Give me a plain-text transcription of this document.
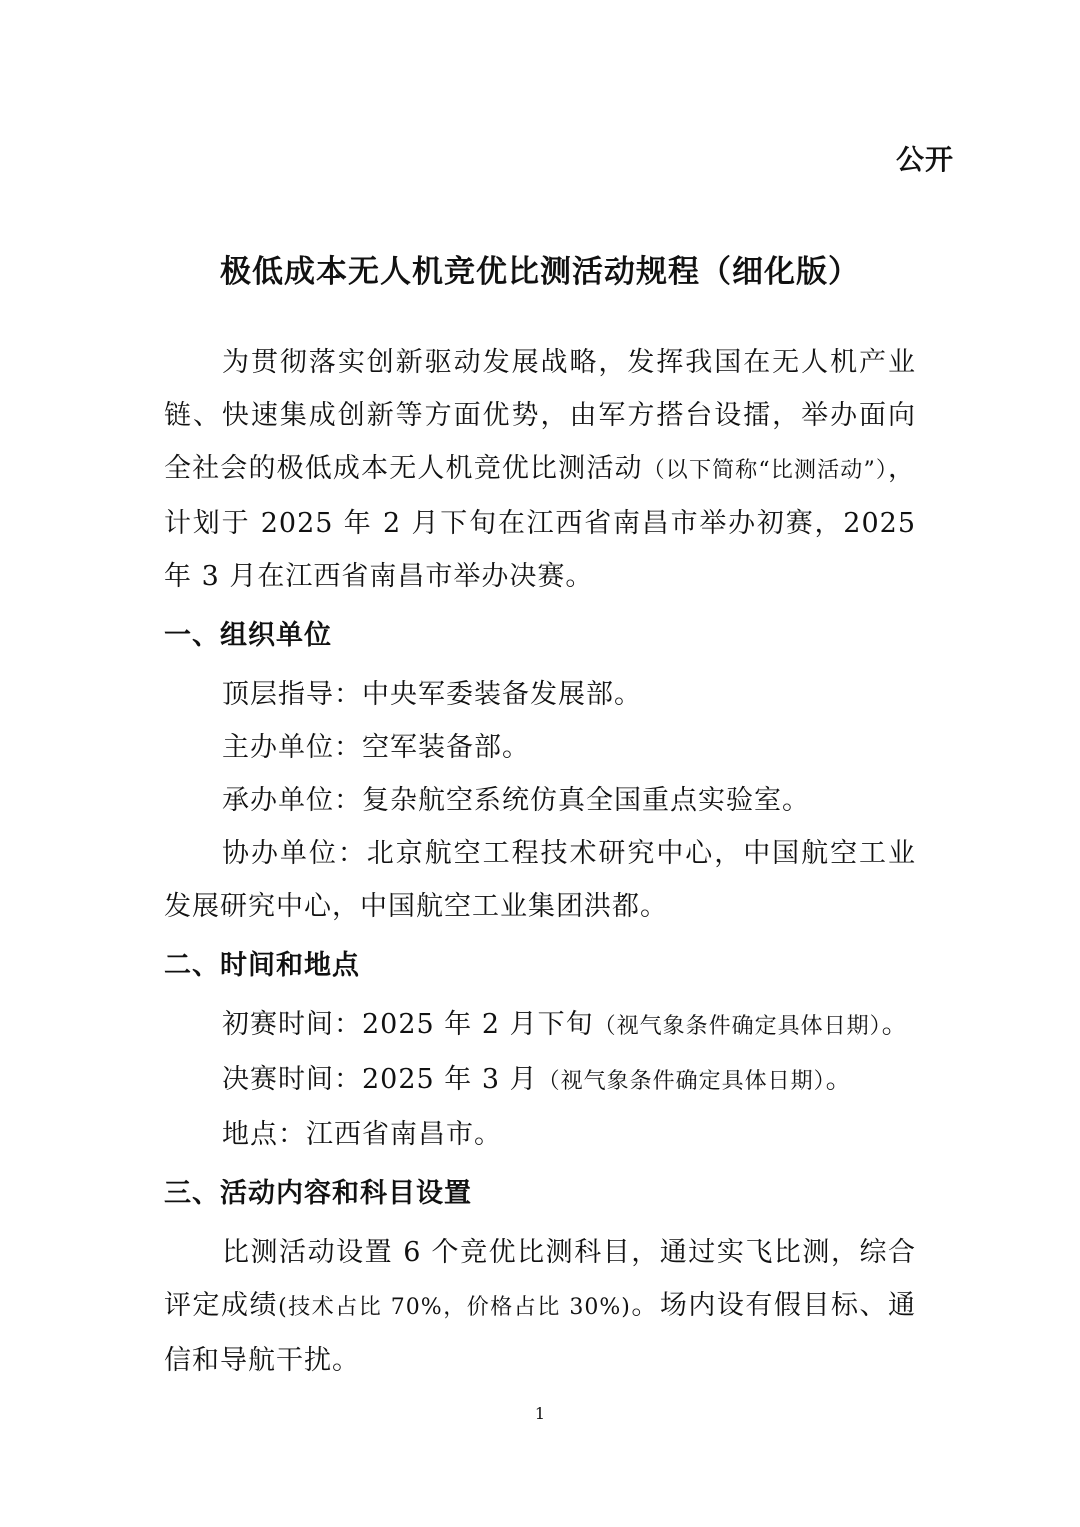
公开
极低成本无人机竞优比测活动规程（细化版）

为贯彻落实创新驱动发展战略，发挥我国在无人机产业链、快速集成创新等方面优势，由军方搭台设擂，举办面向全社会的极低成本无人机竞优比测活动（以下简称“比测活动”），计划于 2025 年 2 月下旬在江西省南昌市举办初赛，2025 年 3 月在江西省南昌市举办决赛。

一、组织单位

顶层指导：中央军委装备发展部。

主办单位：空军装备部。

承办单位：复杂航空系统仿真全国重点实验室。

协办单位：北京航空工程技术研究中心，中国航空工业发展研究中心，中国航空工业集团洪都。

二、时间和地点

初赛时间：2025 年 2 月下旬（视气象条件确定具体日期）。

决赛时间：2025 年 3 月（视气象条件确定具体日期）。

地点：江西省南昌市。

三、活动内容和科目设置

比测活动设置 6 个竞优比测科目，通过实飞比测，综合评定成绩(技术占比 70%，价格占比 30%)。场内设有假目标、通信和导航干扰。

1
